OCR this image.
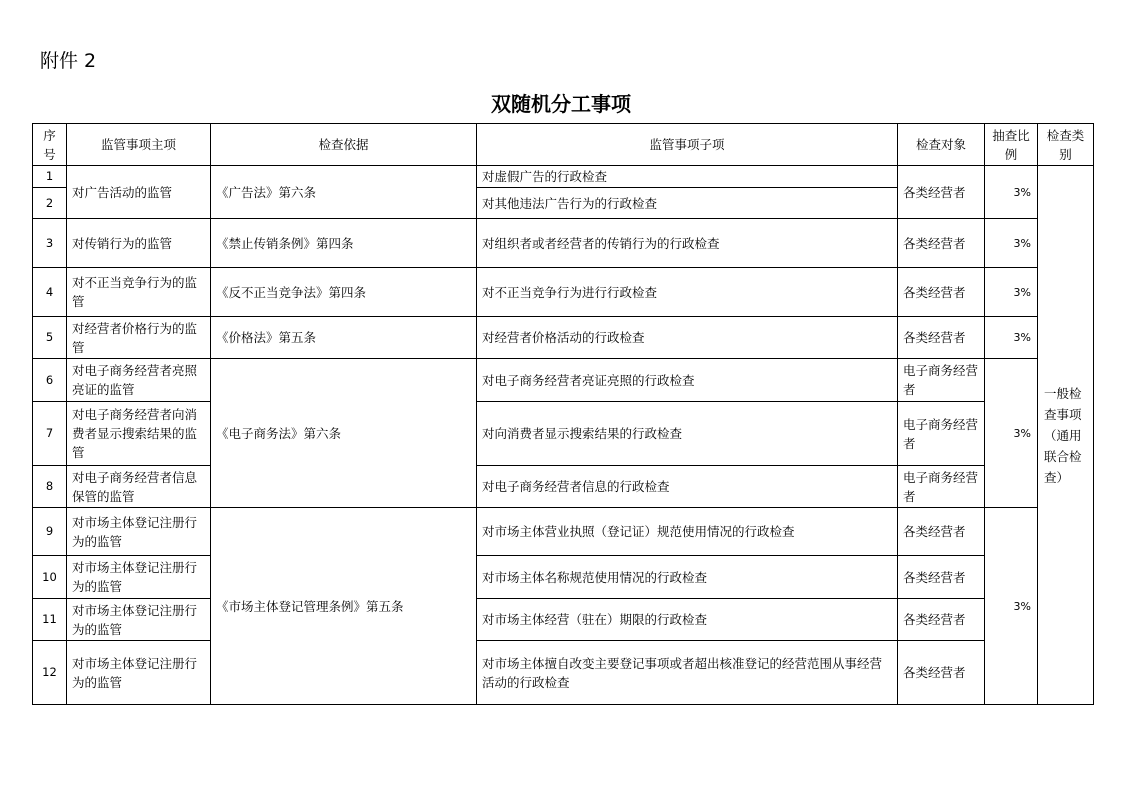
附件 2
双随机分工事项
序号	监管事项主项	检查依据	监管事项子项	检查对象	抽查比例	检查类别
1	对广告活动的监管	《广告法》第六条	对虚假广告的行政检查	各类经营者	3%	一般检查事项（通用联合检查）

2			对其他违法广告行为的行政检查			
3	对传销行为的监管	《禁止传销条例》第四条	对组织者或者经营者的传销行为的行政检查	各类经营者	3%	
4	对不正当竞争行为的监管	《反不正当竞争法》第四条	对不正当竞争行为进行行政检查	各类经营者	3%	
5	对经营者价格行为的监管	《价格法》第五条	对经营者价格活动的行政检查	各类经营者	3%	
6	对电子商务经营者亮照亮证的监管	《电子商务法》第六条	对电子商务经营者亮证亮照的行政检查	电子商务经营者	3%	
7	对电子商务经营者向消费者显示搜索结果的监管		对向消费者显示搜索结果的行政检查	电子商务经营者		
8	对电子商务经营者信息保管的监管		对电子商务经营者信息的行政检查	电子商务经营者		
9	对市场主体登记注册行为的监管	《市场主体登记管理条例》第五条	对市场主体营业执照（登记证）规范使用情况的行政检查	各类经营者	3%	
10	对市场主体登记注册行为的监管		对市场主体名称规范使用情况的行政检查	各类经营者		
11	对市场主体登记注册行为的监管		对市场主体经营（驻在）期限的行政检查	各类经营者		
12	对市场主体登记注册行为的监管		对市场主体擅自改变主要登记事项或者超出核准登记的经营范围从事经营活动的行政检查	各类经营者		
